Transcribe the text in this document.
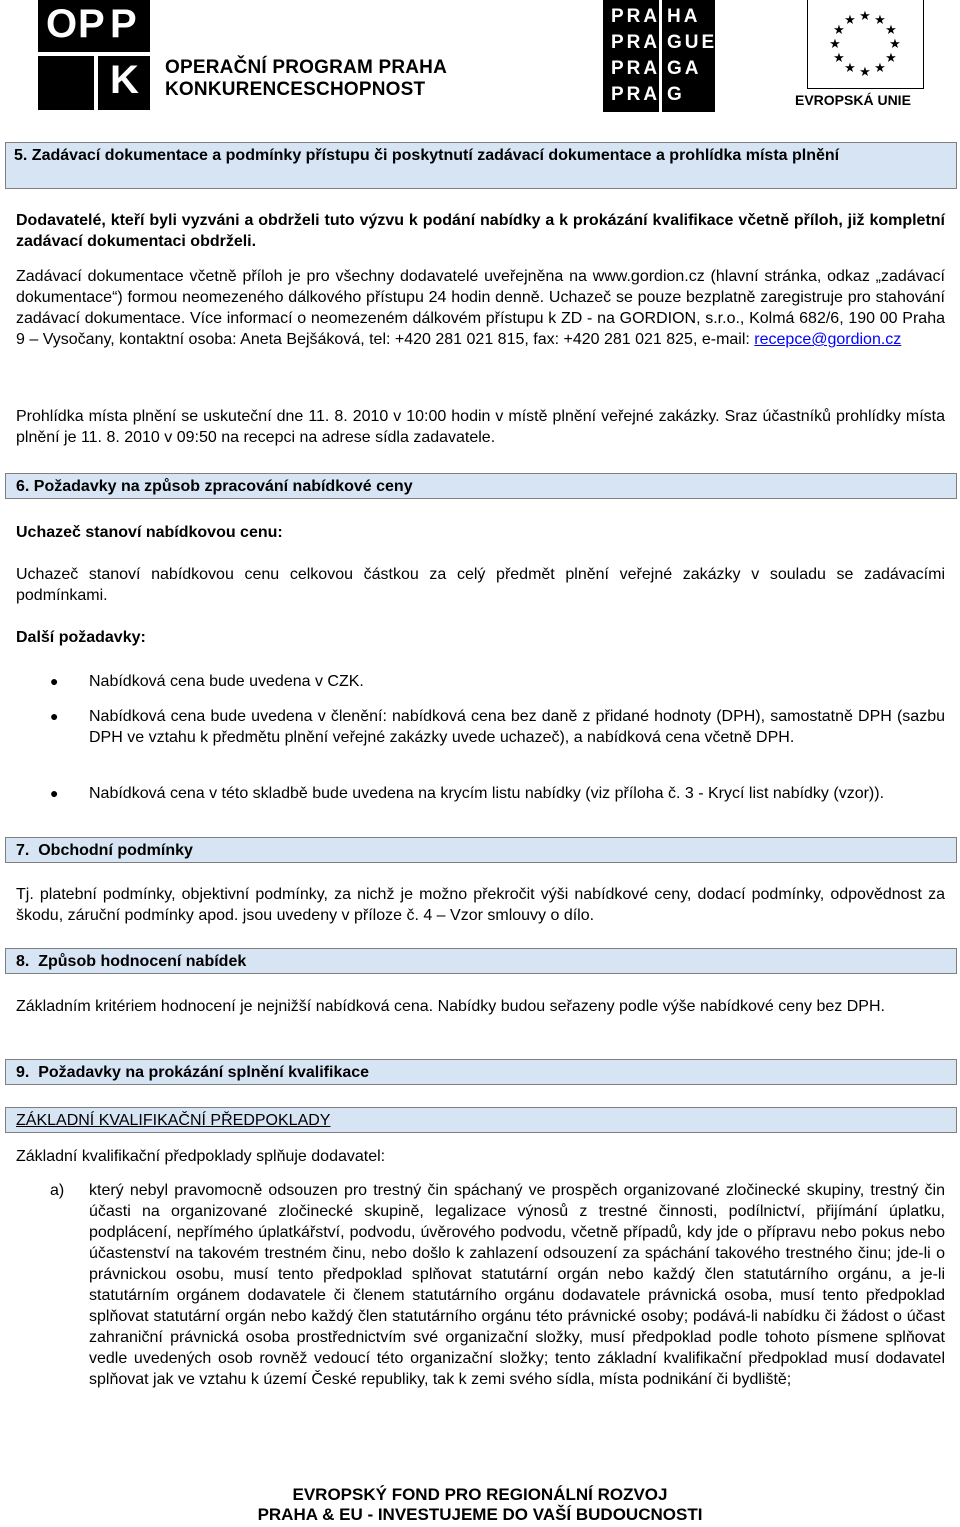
O P P
K OPERAČNÍ PROGRAM PRAHA
KONKURENCESCHOPNOST
PRA HA
PRA GUE
PRA GA
PRA G
★ ★
★
★
★
★
★
★
★
★
★
★
EVROPSKÁ UNIE
5. Zadávací dokumentace a podmínky přístupu či poskytnutí zadávací dokumentace a prohlídka místa plnění
Dodavatelé, kteří byli vyzváni a obdrželi tuto výzvu k podání nabídky a k prokázání kvalifikace včetně příloh, již kompletní zadávací dokumentaci obdrželi.
Zadávací dokumentace včetně příloh je pro všechny dodavatelé uveřejněna na www.gordion.cz (hlavní stránka, odkaz „zadávací dokumentace“) formou neomezeného dálkového přístupu 24 hodin denně. Uchazeč se pouze bezplatně zaregistruje pro stahování zadávací dokumentace. Více informací o neomezeném dálkovém přístupu k ZD - na GORDION, s.r.o., Kolmá 682/6, 190 00 Praha 9 – Vysočany, kontaktní osoba: Aneta Bejšáková, tel: +420 281 021 815, fax: +420 281 021 825, e-mail: recepce@gordion.cz
Prohlídka místa plnění se uskuteční dne 11. 8. 2010 v 10:00 hodin v místě plnění veřejné zakázky. Sraz účastníků prohlídky místa plnění je 11. 8. 2010 v 09:50 na recepci na adrese sídla zadavatele.
6. Požadavky na způsob zpracování nabídkové ceny
Uchazeč stanoví nabídkovou cenu:
Uchazeč stanoví nabídkovou cenu celkovou částkou za celý předmět plnění veřejné zakázky v souladu se zadávacími podmínkami.
Další požadavky:
● Nabídková cena bude uvedena v CZK.
● Nabídková cena bude uvedena v členění: nabídková cena bez daně z přidané hodnoty (DPH), samostatně DPH (sazbu DPH ve vztahu k předmětu plnění veřejné zakázky uvede uchazeč), a nabídková cena včetně DPH.
● Nabídková cena v této skladbě bude uvedena na krycím listu nabídky (viz příloha č. 3 - Krycí list nabídky (vzor)).
7.  Obchodní podmínky
Tj. platební podmínky, objektivní podmínky, za nichž je možno překročit výši nabídkové ceny, dodací podmínky, odpovědnost za škodu, záruční podmínky apod. jsou uvedeny v příloze č. 4 – Vzor smlouvy o dílo.
8.  Způsob hodnocení nabídek
Základním kritériem hodnocení je nejnižší nabídková cena. Nabídky budou seřazeny podle výše nabídkové ceny bez DPH.
9.  Požadavky na prokázání splnění kvalifikace
ZÁKLADNÍ KVALIFIKAČNÍ PŘEDPOKLADY
Základní kvalifikační předpoklady splňuje dodavatel:
a) který nebyl pravomocně odsouzen pro trestný čin spáchaný ve prospěch organizované zločinecké skupiny, trestný čin účasti na organizované zločinecké skupině, legalizace výnosů z trestné činnosti, podílnictví, přijímání úplatku, podplácení, nepřímého úplatkářství, podvodu, úvěrového podvodu, včetně případů, kdy jde o přípravu nebo pokus nebo účastenství na takovém trestném činu, nebo došlo k zahlazení odsouzení za spáchání takového trestného činu; jde-li o právnickou osobu, musí tento předpoklad splňovat statutární orgán nebo každý člen statutárního orgánu, a je-li statutárním orgánem dodavatele či členem statutárního orgánu dodavatele právnická osoba, musí tento předpoklad splňovat statutární orgán nebo každý člen statutárního orgánu této právnické osoby; podává-li nabídku či žádost o účast zahraniční právnická osoba prostřednictvím své organizační složky, musí předpoklad podle tohoto písmene splňovat vedle uvedených osob rovněž vedoucí této organizační složky; tento základní kvalifikační předpoklad musí dodavatel splňovat jak ve vztahu k území České republiky, tak k zemi svého sídla, místa podnikání či bydliště;
EVROPSKÝ FOND PRO REGIONÁLNÍ ROZVOJ
PRAHA & EU - INVESTUJEME DO VAŠÍ BUDOUCNOSTI
